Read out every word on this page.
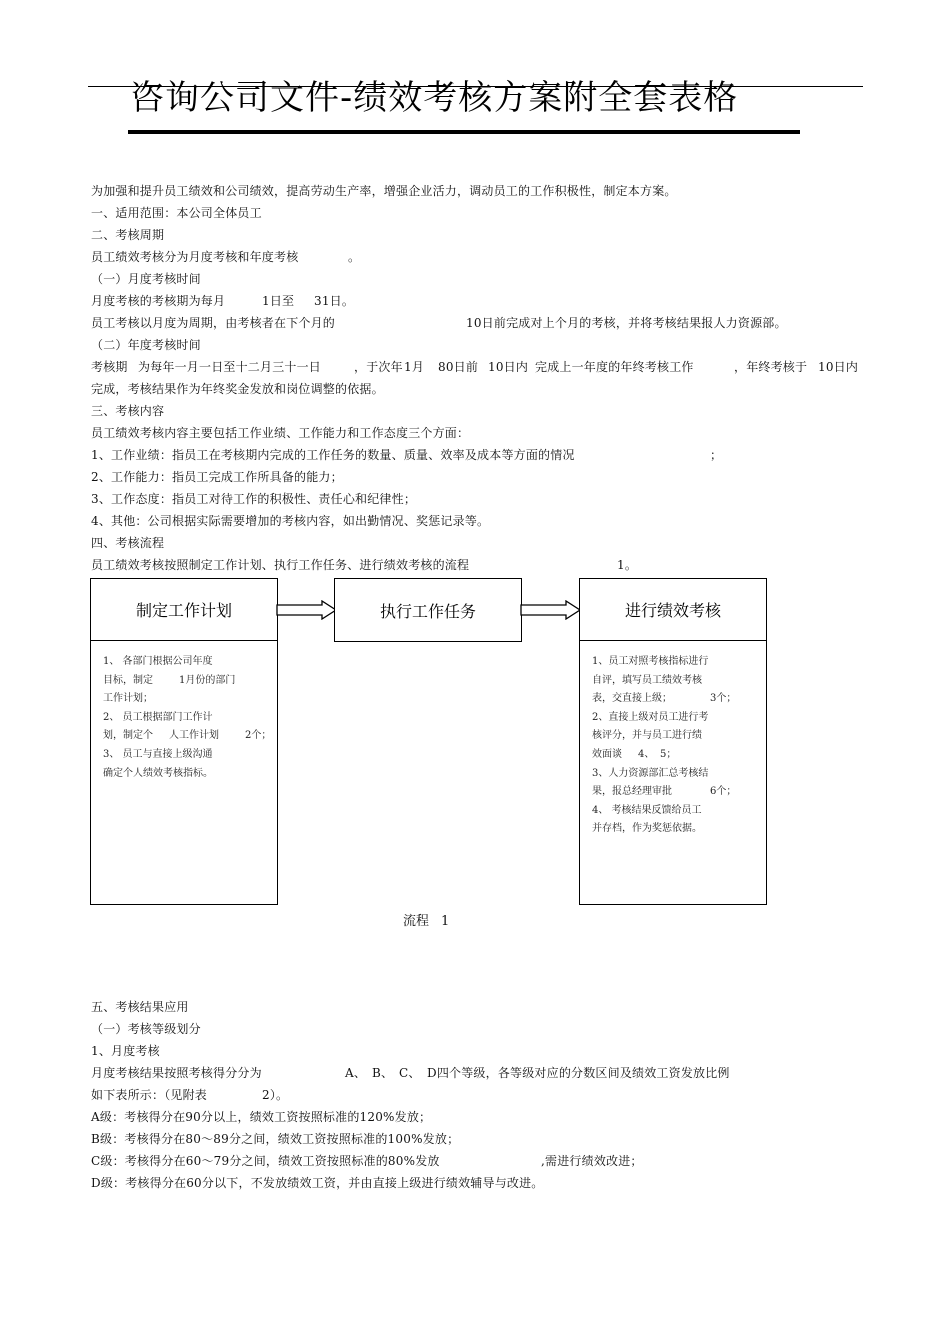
咨询公司文件-绩效考核方案附全套表格
为加强和提升员工绩效和公司绩效，提高劳动生产率，增强企业活力，调动员工的工作积极性，制定本方案。
一、适用范围：本公司全体员工
二、考核周期
员工绩效考核分为月度考核和年度考核	。
（一）月度考核时间
月度考核的考核期为每月	1日至 31日。
员工考核以月度为周期，由考核者在下个月的	10日前完成对上个月的考核，并将考核结果报人力资源部。
（二）年度考核时间
考核期 为每年一月一日至十二月三十一日	，于次年 1月 80日前 10日内 完成上一年度的年终考核工作	，年终考核于 10日内
完成，考核结果作为年终奖金发放和岗位调整的依据。
三、考核内容
员工绩效考核内容主要包括工作业绩、工作能力和工作态度三个方面：
1、工作业绩：指员工在考核期内完成的工作任务的数量、质量、效率及成本等方面的情况	；
2、工作能力：指员工完成工作所具备的能力；
3、工作态度：指员工对待工作的积极性、责任心和纪律性；
4、其他：公司根据实际需要增加的考核内容，如出勤情况、奖惩记录等。
四、考核流程
员工绩效考核按照制定工作计划、执行工作任务、进行绩效考核的流程	1。
制定工作计划
1、 各部门根据公司年度
目标，制定	1月份的部门
工作计划；
2、 员工根据部门工作计
划，制定个 人工作计划	2个；
3、 员工与直接上级沟通
确定个人绩效考核指标。
执行工作任务	进行绩效考核
1、员工对照考核指标进行
自评，填写员工绩效考核
表，交直接上级；	3个；
2、直接上级对员工进行考
核评分，并与员工进行绩
效面谈 4、 5；
3、人力资源部汇总考核结
果，报总经理审批	6个；
4、 考核结果反馈给员工
并存档，作为奖惩依据。
流程 1
五、考核结果应用
（一）考核等级划分
1、月度考核
月度考核结果按照考核得分分为	A、 B、 C、 D四个等级，各等级对应的分数区间及绩效工资发放比例
如下表所示：（见附表	2）。
A级：考核得分在90分以上，绩效工资按照标准的120%发放；
B级：考核得分在80～89分之间，绩效工资按照标准的100%发放；
C级：考核得分在60～79分之间，绩效工资按照标准的80%发放	,需进行绩效改进；
D级：考核得分在60分以下，不发放绩效工资，并由直接上级进行绩效辅导与改进。
